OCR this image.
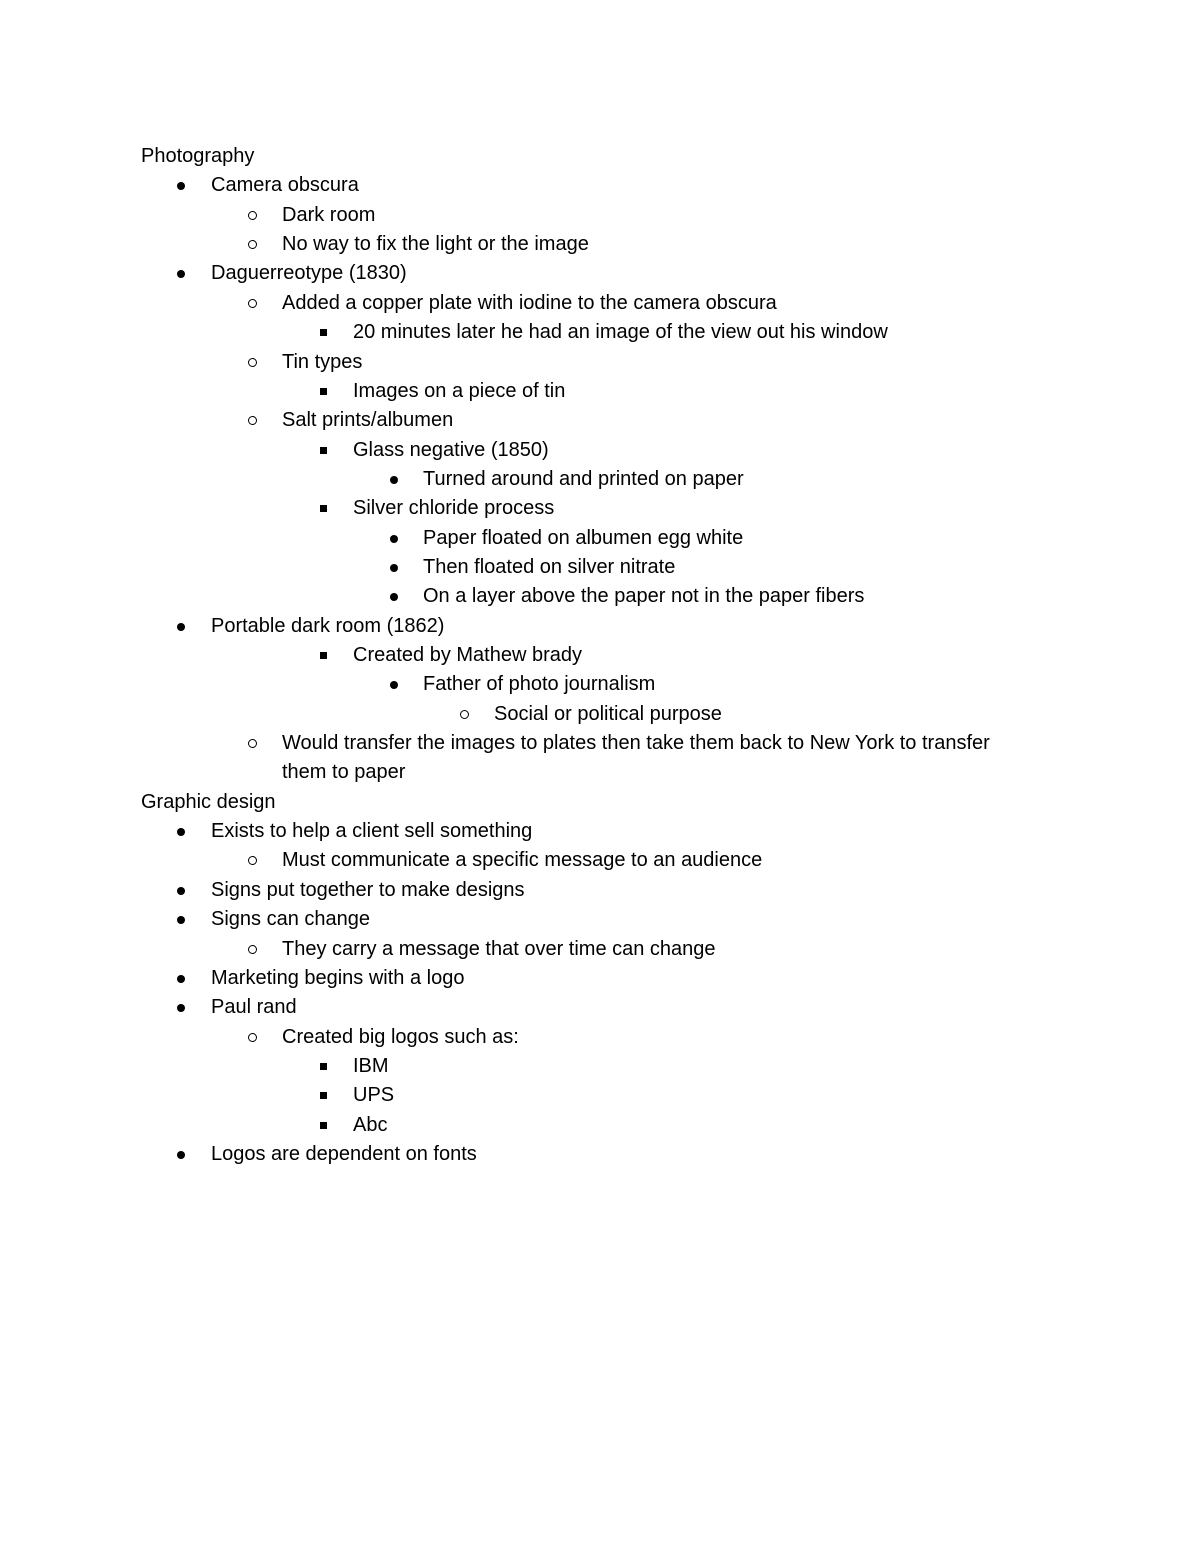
Photography
Camera obscura
Dark room
No way to fix the light or the image
Daguerreotype (1830)
Added a copper plate with iodine to the camera obscura
20 minutes later he had an image of the view out his window
Tin types
Images on a piece of tin
Salt prints/albumen
Glass negative (1850)
Turned around and printed on paper
Silver chloride process
Paper floated on albumen egg white
Then floated on silver nitrate
On a layer above the paper not in the paper fibers
Portable dark room (1862)
Created by Mathew brady
Father of photo journalism
Social or political purpose
Would transfer the images to plates then take them back to New York to transfer
them to paper
Graphic design
Exists to help a client sell something
Must communicate a specific message to an audience
Signs put together to make designs
Signs can change
They carry a message that over time can change
Marketing begins with a logo
Paul rand
Created big logos such as:
IBM
UPS
Abc
Logos are dependent on fonts
